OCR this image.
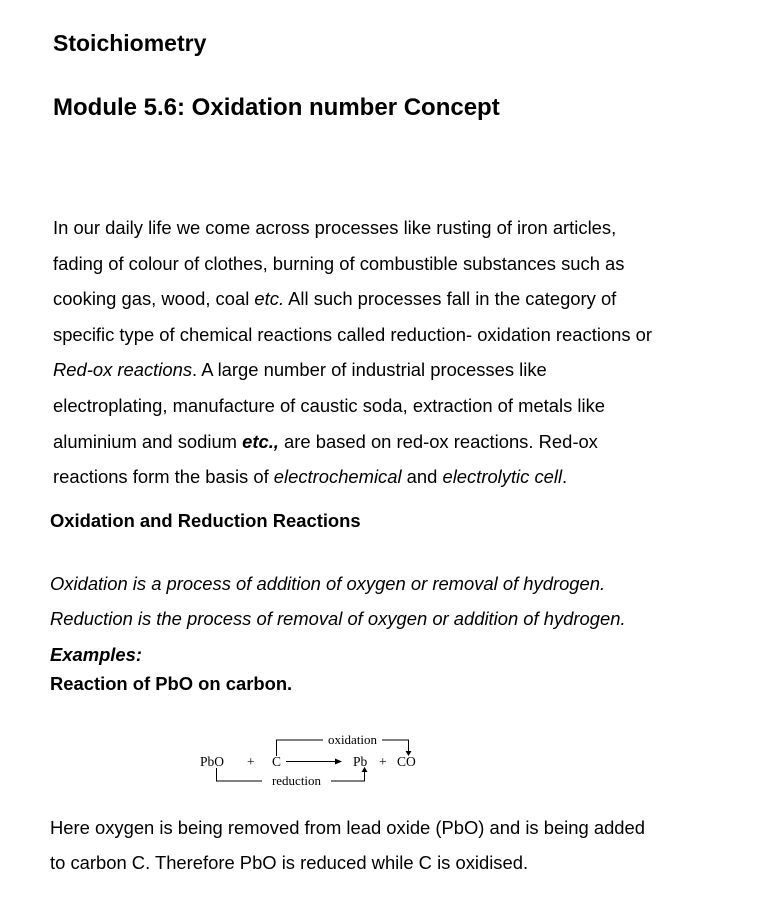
Stoichiometry
Module 5.6: Oxidation number Concept

In our daily life we come across processes like rusting of iron articles,
fading of colour of clothes, burning of combustible substances such as
cooking gas, wood, coal etc. All such processes fall in the category of
specific type of chemical reactions called reduction- oxidation reactions or
Red-ox reactions. A large number of industrial processes like
electroplating, manufacture of caustic soda, extraction of metals like
aluminium and sodium etc., are based on red-ox reactions. Red-ox
reactions form the basis of electrochemical and electrolytic cell.

Oxidation and Reduction Reactions
Oxidation is a process of addition of oxygen or removal of hydrogen.
Reduction is the process of removal of oxygen or addition of hydrogen.
Examples:
Reaction of PbO on carbon.
oxidation
reduction
PbO + C	Pb + CO

Here oxygen is being removed from lead oxide (PbO) and is being added
to carbon C. Therefore PbO is reduced while C is oxidised.
